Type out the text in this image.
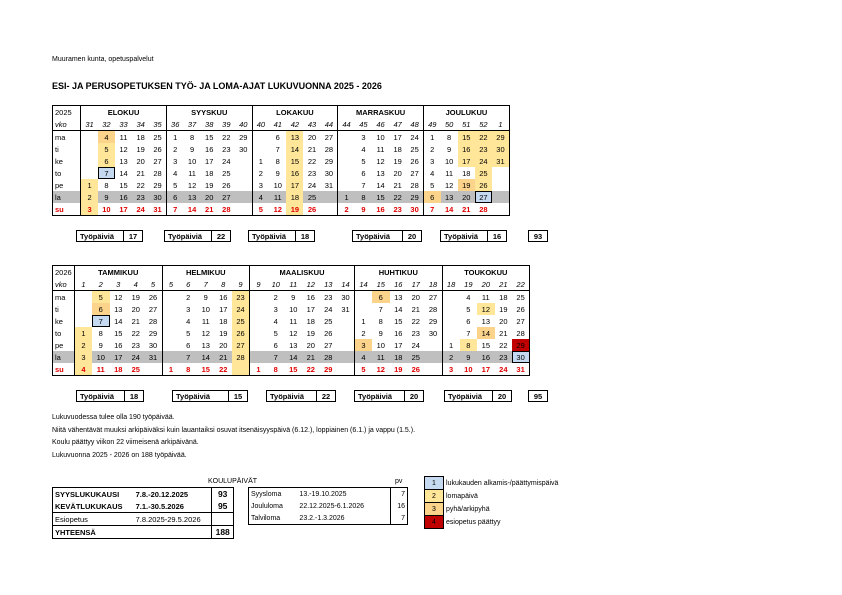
Muuramen kunta, opetuspalvelut
ESI- JA PERUSOPETUKSEN TYÖ- JA LOMA-AJAT LUKUVUONNA 2025 - 2026
2025	ELOKUU					SYYSKUU					LOKAKUU					MARRASKUU					JOULUKUU				
vko	31	32	33	34	35	36	37	38	39	40	40	41	42	43	44	44	45	46	47	48	49	50	51	52	1
ma		4	11	18	25	1	8	15	22	29		6	13	20	27		3	10	17	24	1	8	15	22	29
ti		5	12	19	26	2	9	16	23	30		7	14	21	28		4	11	18	25	2	9	16	23	30
ke		6	13	20	27	3	10	17	24		1	8	15	22	29		5	12	19	26	3	10	17	24	31
to		7	14	21	28	4	11	18	25		2	9	16	23	30		6	13	20	27	4	11	18	25	
pe	1	8	15	22	29	5	12	19	26		3	10	17	24	31		7	14	21	28	5	12	19	26	
la	2	9	16	23	30	6	13	20	27		4	11	18	25		1	8	15	22	29	6	13	20	27	
su	3	10	17	24	31	7	14	21	28		5	12	19	26		2	9	16	23	30	7	14	21	28	
Työpäiviä	17	Työpäiviä	22	Työpäiviä	18	Työpäiviä	20	Työpäiviä	16	93
2026	TAMMIKUU					HELMIKUU					MAALISKUU						HUHTIKUU					TOUKOKUU				
vko	1	2	3	4	5	5	6	7	8	9	9	10	11	12	13	14	14	15	16	17	18	18	19	20	21	22
ma		5	12	19	26		2	9	16	23		2	9	16	23	30		6	13	20	27		4	11	18	25
ti		6	13	20	27		3	10	17	24		3	10	17	24	31		7	14	21	28		5	12	19	26
ke		7	14	21	28		4	11	18	25		4	11	18	25		1	8	15	22	29		6	13	20	27
to	1	8	15	22	29		5	12	19	26		5	12	19	26		2	9	16	23	30		7	14	21	28
pe	2	9	16	23	30		6	13	20	27		6	13	20	27		3	10	17	24		1	8	15	22	29
la	3	10	17	24	31		7	14	21	28		7	14	21	28		4	11	18	25		2	9	16	23	30
su	4	11	18	25		1	8	15	22		1	8	15	22	29		5	12	19	26		3	10	17	24	31
Työpäiviä	18	Työpäiviä	15	Työpäiviä	22	Työpäiviä	20	Työpäiviä	20	95
Lukuvuodessa tulee olla 190 työpäivää.
Niitä vähentävät muuksi arkipäiväksi kuin lauantaiksi osuvat itsenäisyyspäivä (6.12.), loppiainen (6.1.) ja vappu (1.5.).
Koulu päättyy viikon 22 viimeisenä arkipäivänä.
Lukuvuonna 2025 - 2026 on 188 työpäivää.
KOULUPÄIVÄT
SYYSLUKUKAUSI	7.8.-20.12.2025	93
KEVÄTLUKUKAUS	7.1.-30.5.2026	95
Esiopetus	7.8.2025-29.5.2026	
YHTEENSÄ		188
pv
Syysloma	13.-19.10.2025	7
Joululoma	22.12.2025-6.1.2026	16
Talviloma	23.2.-1.3.2026	7
1	lukukauden alkamis-/päättymispäivä
2	lomapäivä
3	pyhä/arkipyhä
4	esiopetus päättyy
